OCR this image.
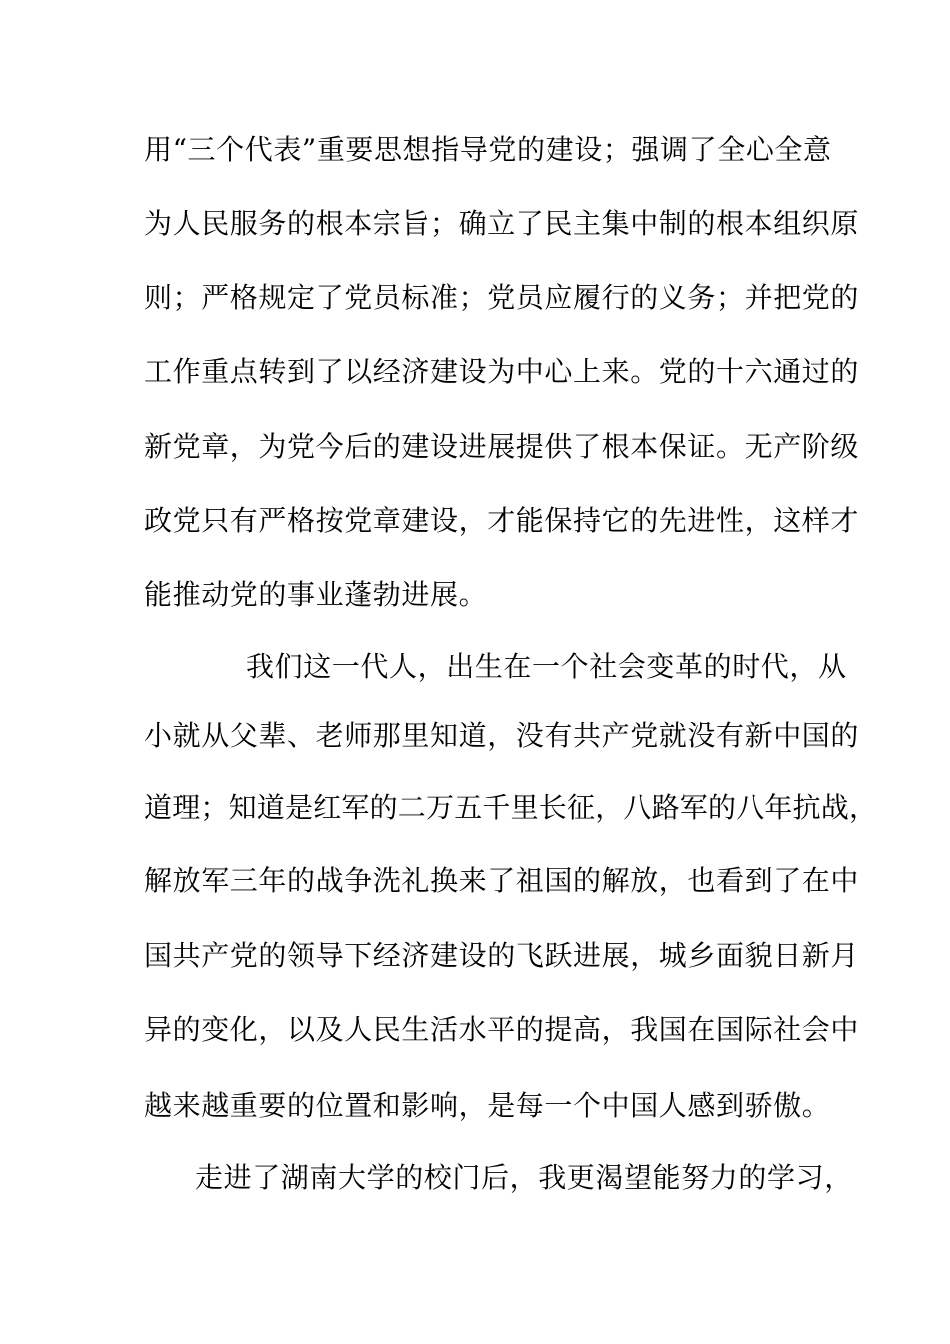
用“三个代表”重要思想指导党的建设；强调了全心全意
为人民服务的根本宗旨；确立了民主集中制的根本组织原
则；严格规定了党员标准；党员应履行的义务；并把党的
工作重点转到了以经济建设为中心上来。党的十六通过的
新党章，为党今后的建设进展提供了根本保证。无产阶级
政党只有严格按党章建设，才能保持它的先进性，这样才
能推动党的事业蓬勃进展。
我们这一代人，出生在一个社会变革的时代，从
小就从父辈、老师那里知道，没有共产党就没有新中国的
道理；知道是红军的二万五千里长征，八路军的八年抗战，
解放军三年的战争洗礼换来了祖国的解放，也看到了在中
国共产党的领导下经济建设的飞跃进展，城乡面貌日新月
异的变化，以及人民生活水平的提高，我国在国际社会中
越来越重要的位置和影响，是每一个中国人感到骄傲。
走进了湖南大学的校门后，我更渴望能努力的学习，
